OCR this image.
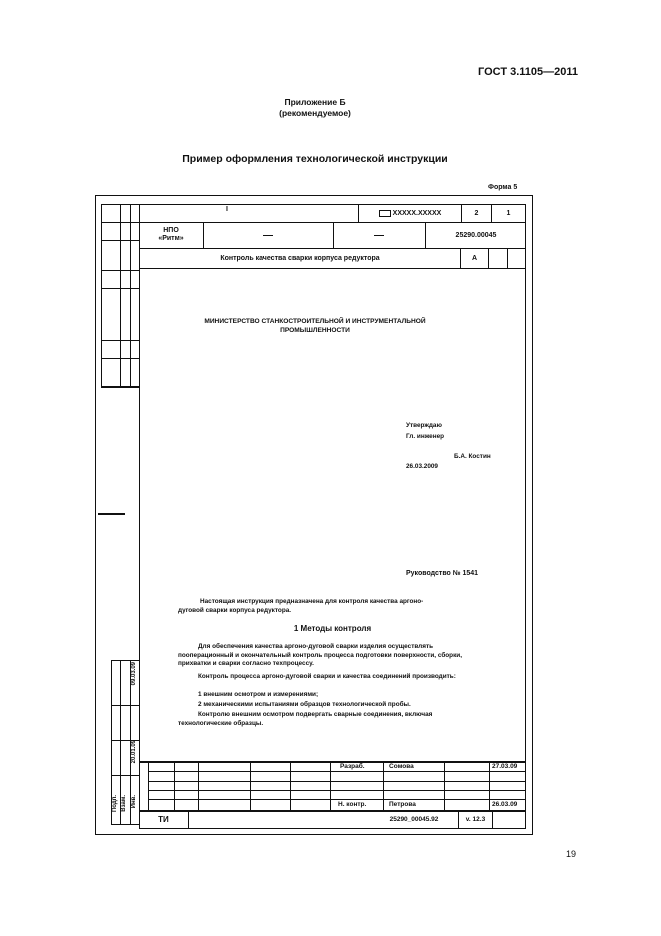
ГОСТ 3.1105—2011
Приложение Б
(рекомендуемое)
Пример оформления технологической инструкции
Форма 5
09.03.09
20.01.09
Подп. Взам. Инв.
I
XXXXX.XXXXX	2	1
НПО
«Ритм»	—	—	25290.00045
Контроль качества сварки корпуса редуктора	А
МИНИСТЕРСТВО СТАНКОСТРОИТЕЛЬНОЙ И ИНСТРУМЕНТАЛЬНОЙ ПРОМЫШЛЕННОСТИ
Утверждаю
Гл. инженер
Б.А. Костин
26.03.2009
Руководство № 1541
Настоящая инструкция предназначена для контроля качества аргоно-дуговой сварки корпуса редуктора.
1 Методы контроля
Для обеспечения качества аргоно-дуговой сварки изделия осуществлять пооперационный и окончательный контроль процесса подготовки поверхности, сборки, прихватки и сварки согласно техпроцессу.
Контроль процесса аргоно-дуговой сварки и качества соединений производить:
1 внешним осмотром и измерениями;
2 механическими испытаниями образцов технологической пробы.
Контролю внешним осмотром подвергать сварные соединения, включая технологические образцы.
Разраб.	Сомова	27.03.09
Н. контр.	Петрова	26.03.09
ТИ	25290_00045.92	v. 12.3
19
